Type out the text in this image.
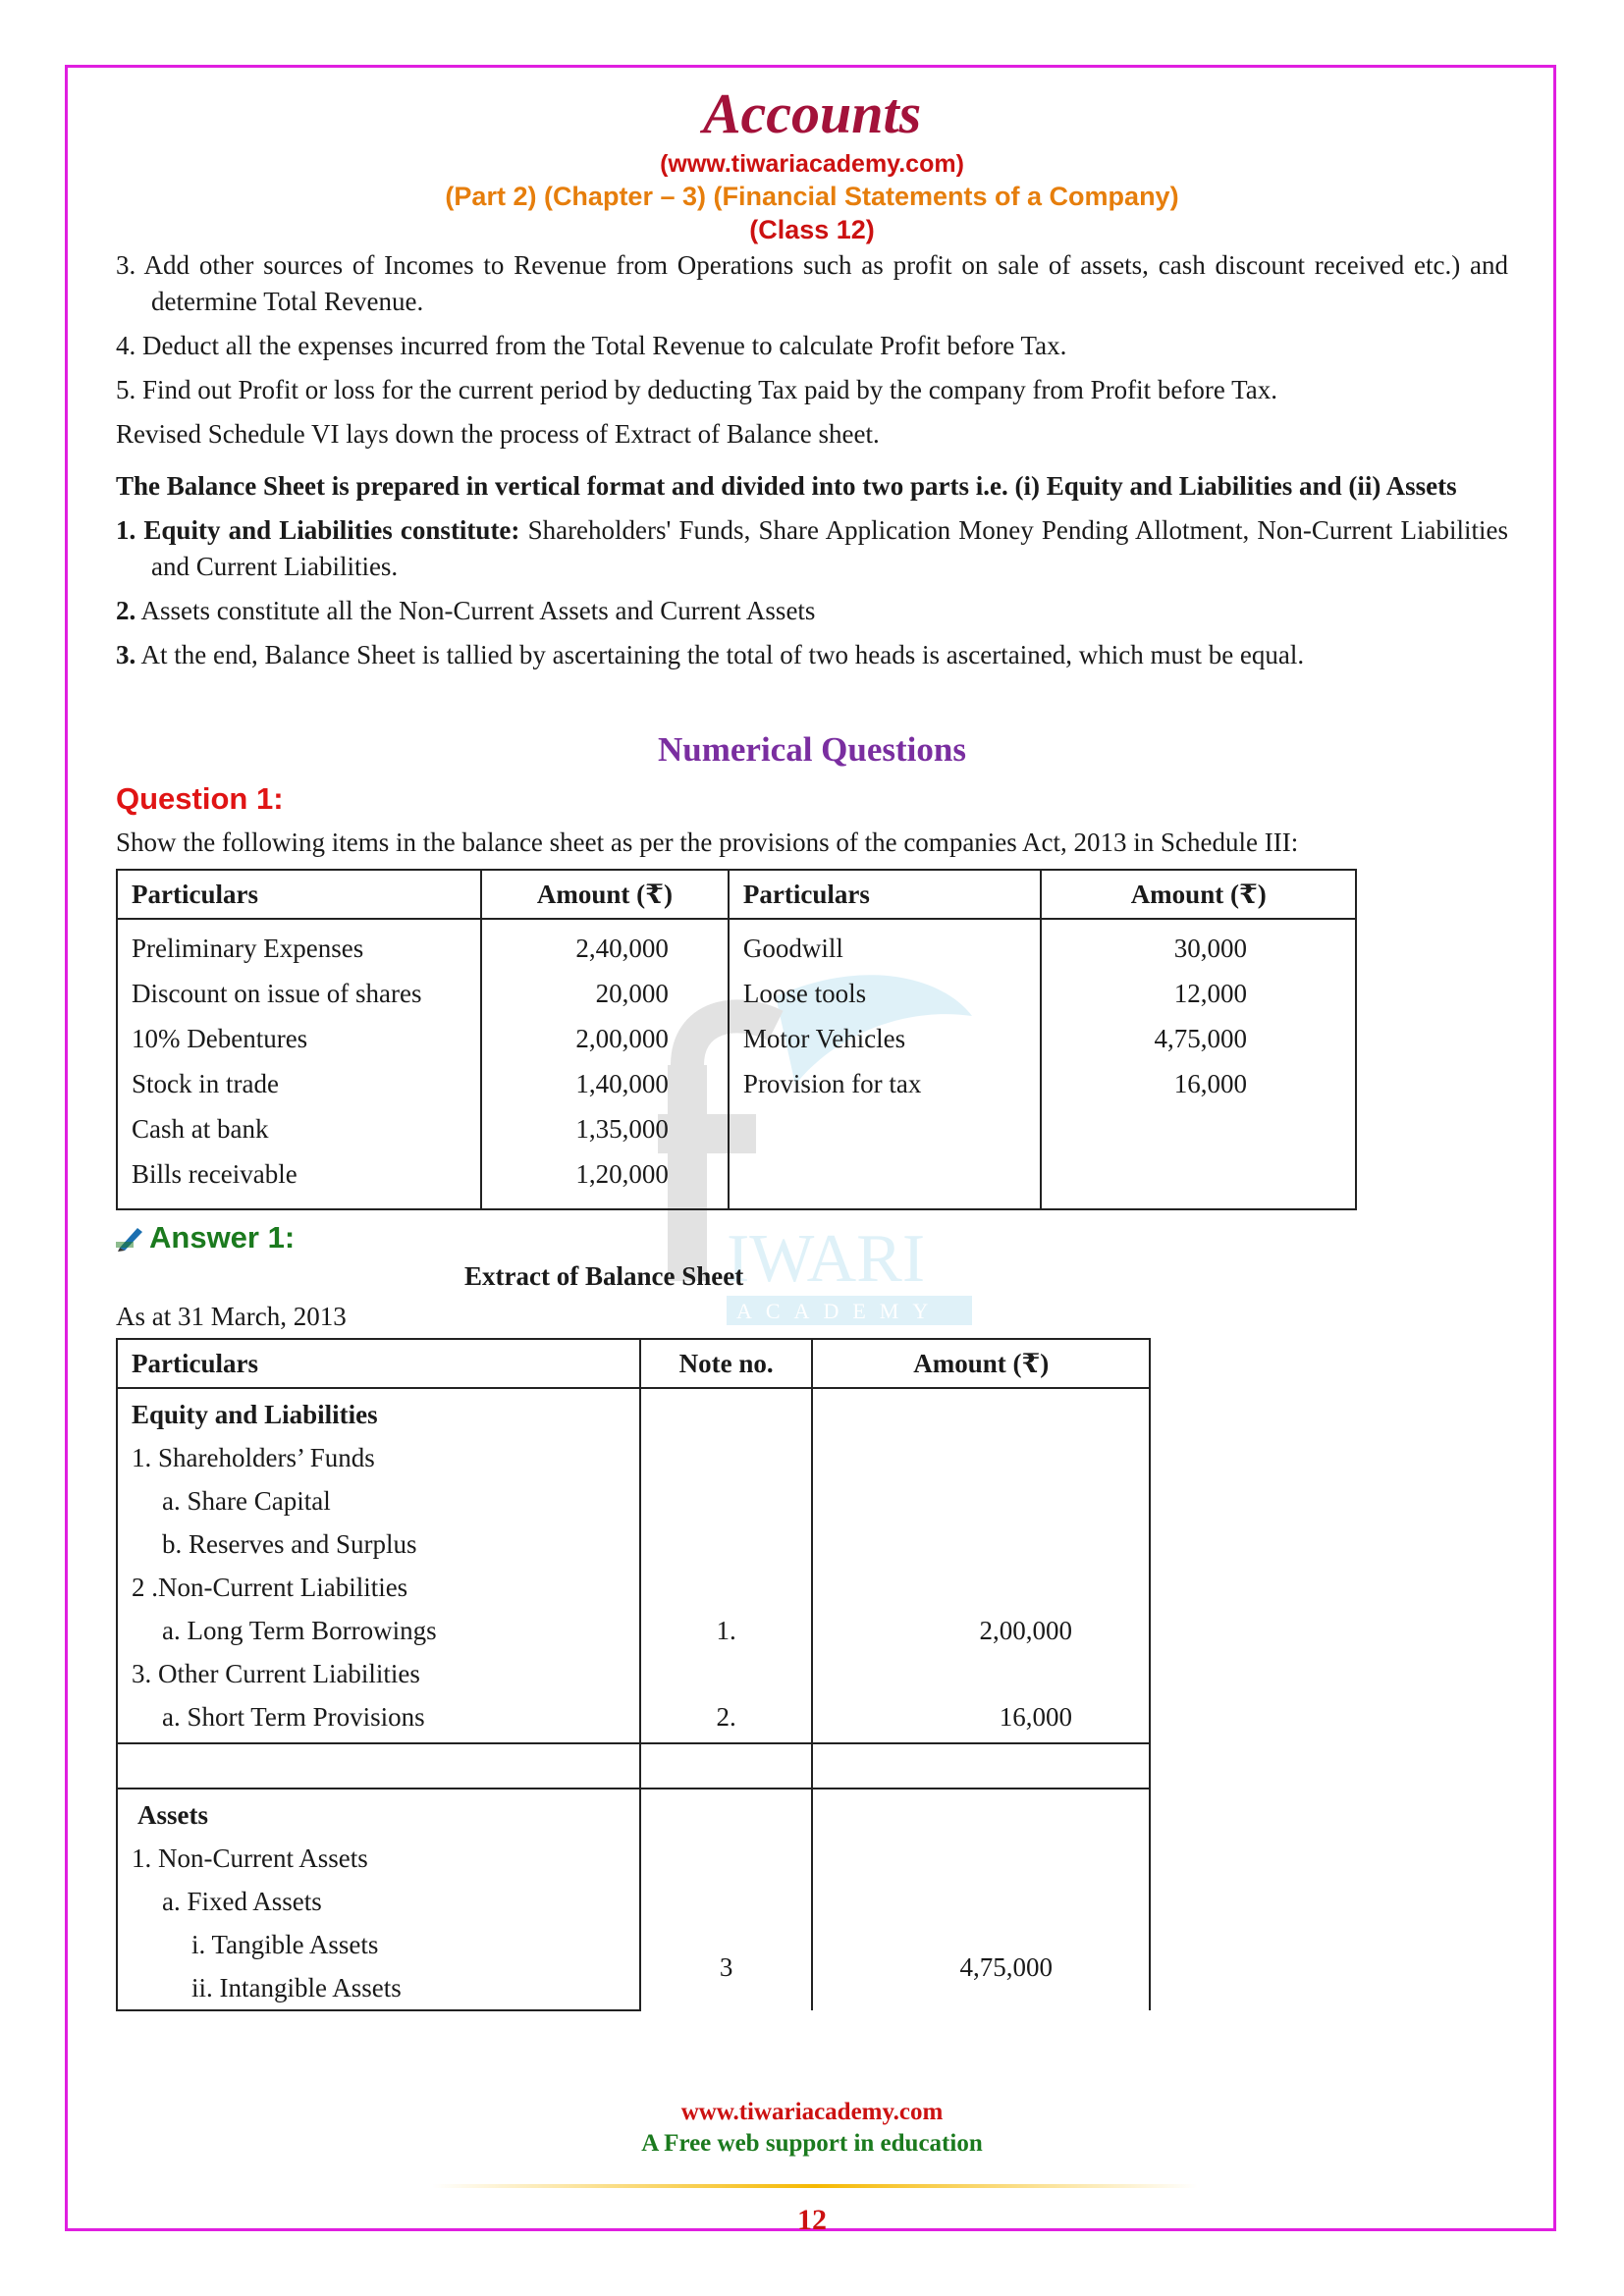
IWARI
ACADEMY
Accounts
(www.tiwariacademy.com)
(Part 2) (Chapter – 3) (Financial Statements of a Company)
(Class 12)

3. Add other sources of Incomes to Revenue from Operations such as profit on sale of assets, cash discount received etc.) and determine Total Revenue.

4. Deduct all the expenses incurred from the Total Revenue to calculate Profit before Tax.

5. Find out Profit or loss for the current period by deducting Tax paid by the company from Profit before Tax.

Revised Schedule VI lays down the process of Extract of Balance sheet.

The Balance Sheet is prepared in vertical format and divided into two parts i.e. (i) Equity and Liabilities and (ii) Assets

1. Equity and Liabilities constitute: Shareholders' Funds, Share Application Money Pending Allotment, Non-Current Liabilities and Current Liabilities.

2. Assets constitute all the Non-Current Assets and Current Assets

3. At the end, Balance Sheet is tallied by ascertaining the total of two heads is ascertained, which must be equal.

Numerical Questions
Question 1:

Show the following items in the balance sheet as per the provisions of the companies Act, 2013 in Schedule III:

Particulars	Amount (₹)	Particulars	Amount (₹)
Preliminary Expenses	2,40,000	Goodwill	30,000
Discount on issue of shares	20,000	Loose tools	12,000
10% Debentures	2,00,000	Motor Vehicles	4,75,000
Stock in trade	1,40,000	Provision for tax	16,000
Cash at bank	1,35,000		
Bills receivable	1,20,000		
Answer 1:
Extract of Balance Sheet
As at 31 March, 2013
Particulars	Note no.	Amount (₹)
Equity and Liabilities		
1. Shareholders’ Funds		
a. Share Capital		
b. Reserves and Surplus		
2 .Non-Current Liabilities		
a. Long Term Borrowings	1.	2,00,000
3. Other Current Liabilities		
a. Short Term Provisions	2.	16,000

Assets		
1. Non-Current Assets		
a. Fixed Assets		
i. Tangible Assets	3	4,75,000
ii. Intangible Assets		
www.tiwariacademy.com
A Free web support in education
12
